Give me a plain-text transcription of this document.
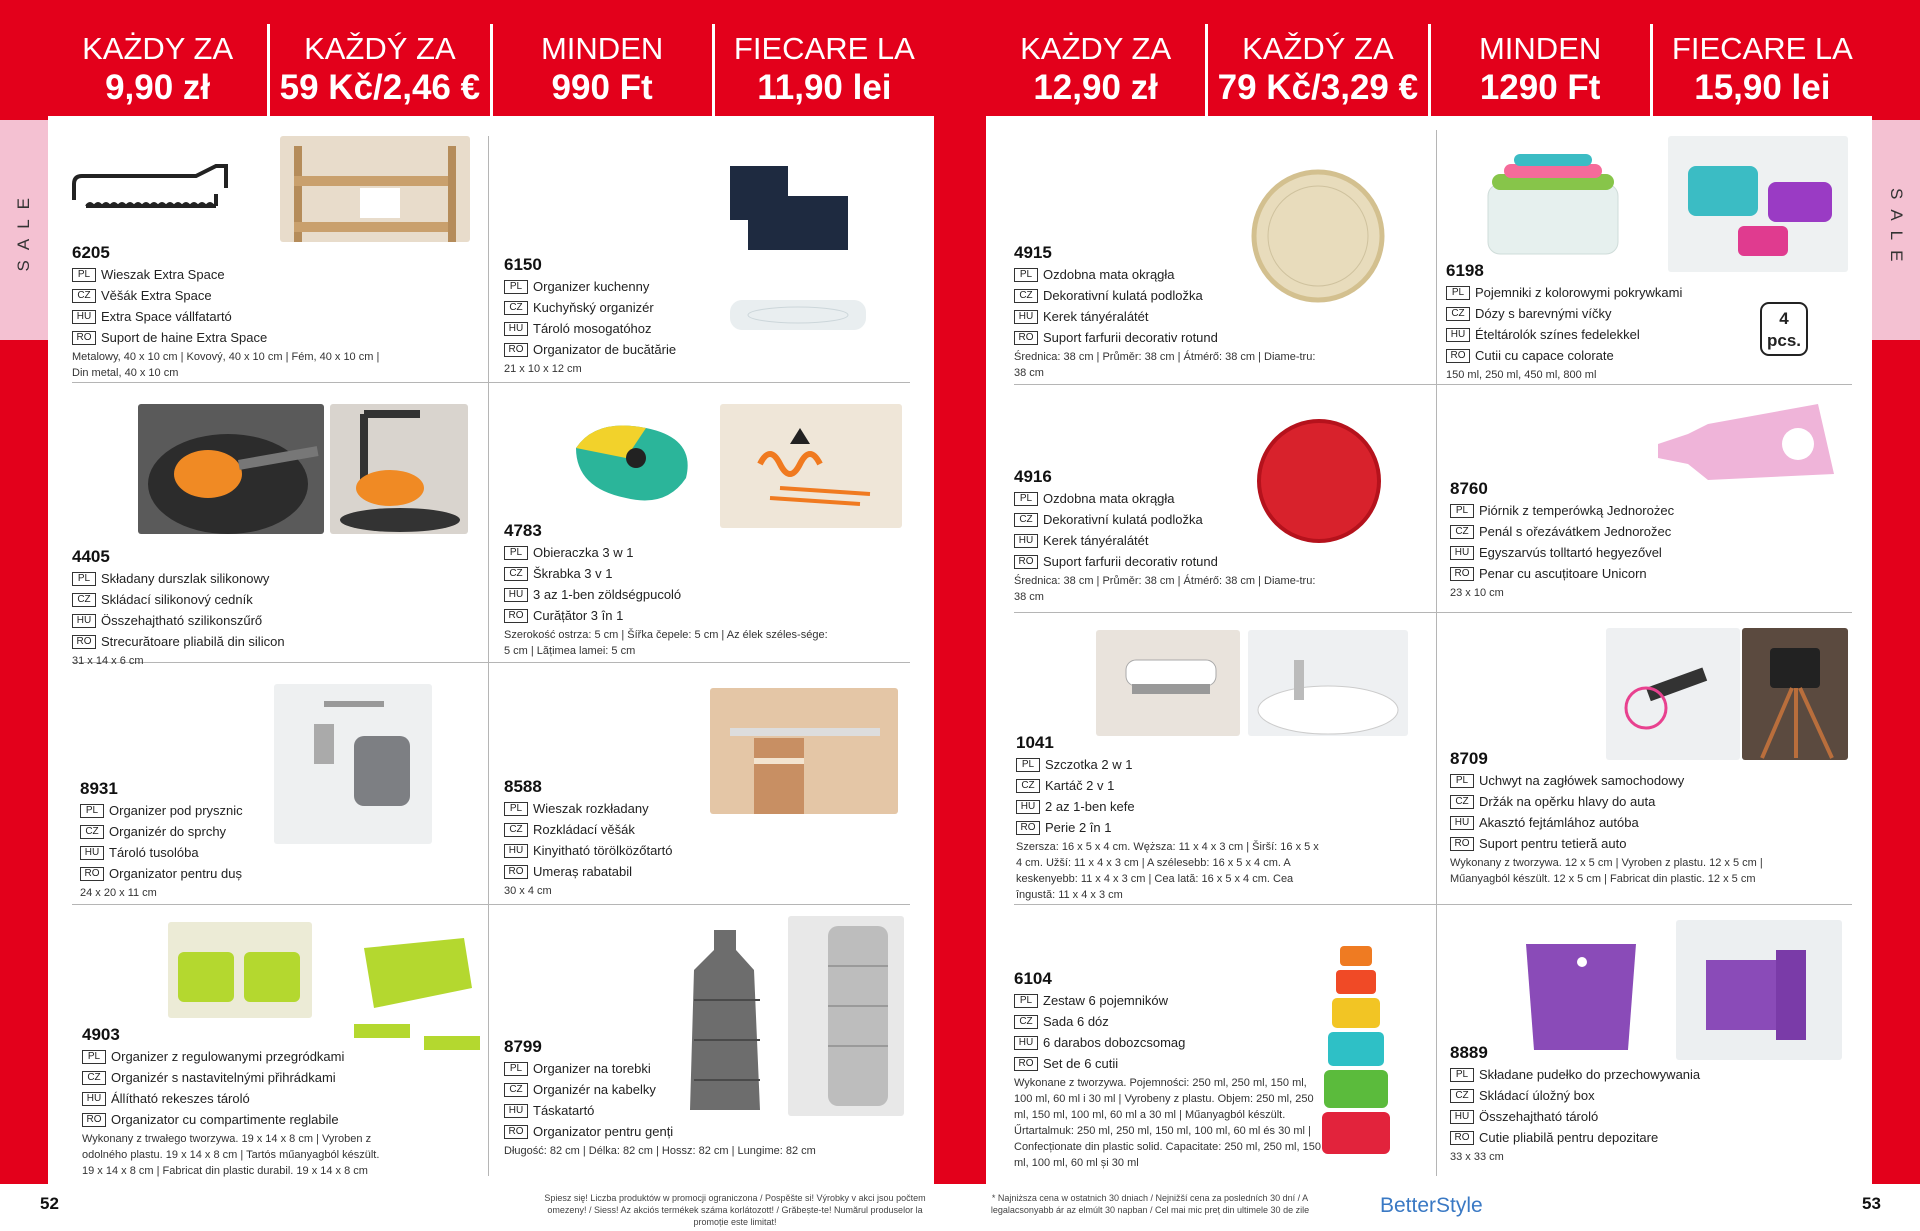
SALE	SALE
KAŻDY ZA
9,90 zł
KAŽDÝ ZA
59 Kč/2,46 €
MINDEN
990 Ft
FIECARE LA
11,90 lei
6205
PL Wieszak Extra Space
CZ Věšák Extra Space
HU Extra Space vállfatartó
RO Suport de haine Extra Space
Metalowy, 40 x 10 cm | Kovový, 40 x 10 cm | Fém, 40 x 10 cm | Din metal, 40 x 10 cm
6150
PL Organizer kuchenny
CZ Kuchyňský organizér
HU Tároló mosogatóhoz
RO Organizator de bucătărie
21 x 10 x 12 cm
4405
PL Składany durszlak silikonowy
CZ Skládací silikonový cedník
HU Összehajtható szilikonszűrő
RO Strecurătoare pliabilă din silicon
31 x 14 x 6 cm
4783
PL Obieraczka 3 w 1
CZ Škrabka 3 v 1
HU 3 az 1-ben zöldségpucoló
RO Curățător 3 în 1
Szerokość ostrza: 5 cm | Šířka čepele: 5 cm | Az élek széles-sége: 5 cm | Lățimea lamei: 5 cm
8931
PL Organizer pod prysznic
CZ Organizér do sprchy
HU Tároló tusolóba
RO Organizator pentru duș
24 x 20 x 11 cm
8588
PL Wieszak rozkładany
CZ Rozkládací věšák
HU Kinyitható törölközőtartó
RO Umeraș rabatabil
30 x 4 cm
4903
PL Organizer z regulowanymi przegródkami
CZ Organizér s nastavitelnými přihrádkami
HU Állítható rekeszes tároló
RO Organizator cu compartimente reglabile
Wykonany z trwałego tworzywa. 19 x 14 x 8 cm | Vyroben z odolného plastu. 19 x 14 x 8 cm | Tartós műanyagból készült. 19 x 14 x 8 cm | Fabricat din plastic durabil. 19 x 14 x 8 cm
8799
PL Organizer na torebki
CZ Organizér na kabelky
HU Táskatartó
RO Organizator pentru genți
Długość: 82 cm | Délka: 82 cm | Hossz: 82 cm | Lungime: 82 cm
KAŻDY ZA
12,90 zł
KAŽDÝ ZA
79 Kč/3,29 €
MINDEN
1290 Ft
FIECARE LA
15,90 lei
4
pcs.
4915
PL Ozdobna mata okrągła
CZ Dekorativní kulatá podložka
HU Kerek tányéralátét
RO Suport farfurii decorativ rotund
Średnica: 38 cm | Průměr: 38 cm | Átmérő: 38 cm | Diame-tru: 38 cm
6198
PL Pojemniki z kolorowymi pokrywkami
CZ Dózy s barevnými víčky
HU Ételtárolók színes fedelekkel
RO Cutii cu capace colorate
150 ml, 250 ml, 450 ml, 800 ml
4916
PL Ozdobna mata okrągła
CZ Dekorativní kulatá podložka
HU Kerek tányéralátét
RO Suport farfurii decorativ rotund
Średnica: 38 cm | Průměr: 38 cm | Átmérő: 38 cm | Diame-tru: 38 cm
8760
PL Piórnik z temperówką Jednorożec
CZ Penál s ořezávátkem Jednorožec
HU Egyszarvús tolltartó hegyezővel
RO Penar cu ascuțitoare Unicorn
23 x 10 cm
1041
PL Szczotka 2 w 1
CZ Kartáč 2 v 1
HU 2 az 1-ben kefe
RO Perie 2 în 1
Szersza: 16 x 5 x 4 cm. Węższa: 11 x 4 x 3 cm | Širší: 16 x 5 x 4 cm. Užší: 11 x 4 x 3 cm | A szélesebb: 16 x 5 x 4 cm. A keskenyebb: 11 x 4 x 3 cm | Cea lată: 16 x 5 x 4 cm. Cea îngustă: 11 x 4 x 3 cm
8709
PL Uchwyt na zagłówek samochodowy
CZ Držák na opěrku hlavy do auta
HU Akasztó fejtámlához autóba
RO Suport pentru tetieră auto
Wykonany z tworzywa. 12 x 5 cm | Vyroben z plastu. 12 x 5 cm | Műanyagból készült. 12 x 5 cm | Fabricat din plastic. 12 x 5 cm
6104
PL Zestaw 6 pojemników
CZ Sada 6 dóz
HU 6 darabos dobozcsomag
RO Set de 6 cutii
Wykonane z tworzywa. Pojemności: 250 ml, 250 ml, 150 ml, 100 ml, 60 ml i 30 ml | Vyrobeny z plastu. Objem: 250 ml, 250 ml, 150 ml, 100 ml, 60 ml a 30 ml | Műanyagból készült. Űrtartalmuk: 250 ml, 250 ml, 150 ml, 100 ml, 60 ml és 30 ml | Confecționate din plastic solid. Capacitate: 250 ml, 250 ml, 150 ml, 100 ml, 60 ml și 30 ml
8889
PL Składane pudełko do przechowywania
CZ Skládací úložný box
HU Összehajtható tároló
RO Cutie pliabilă pentru depozitare
33 x 33 cm
52	Spiesz się! Liczba produktów w promocji ograniczona / Pospěšte si! Výrobky v akci jsou počtem omezeny! / Siess! Az akciós termékek száma korlátozott! / Grăbește-te! Numărul produselor la promoție este limitat!
* Najniższa cena w ostatnich 30 dniach / Nejnižší cena za posledních 30 dní / A legalacsonyabb ár az elmúlt 30 napban / Cel mai mic preț din ultimele 30 de zile	BetterStyle	53
